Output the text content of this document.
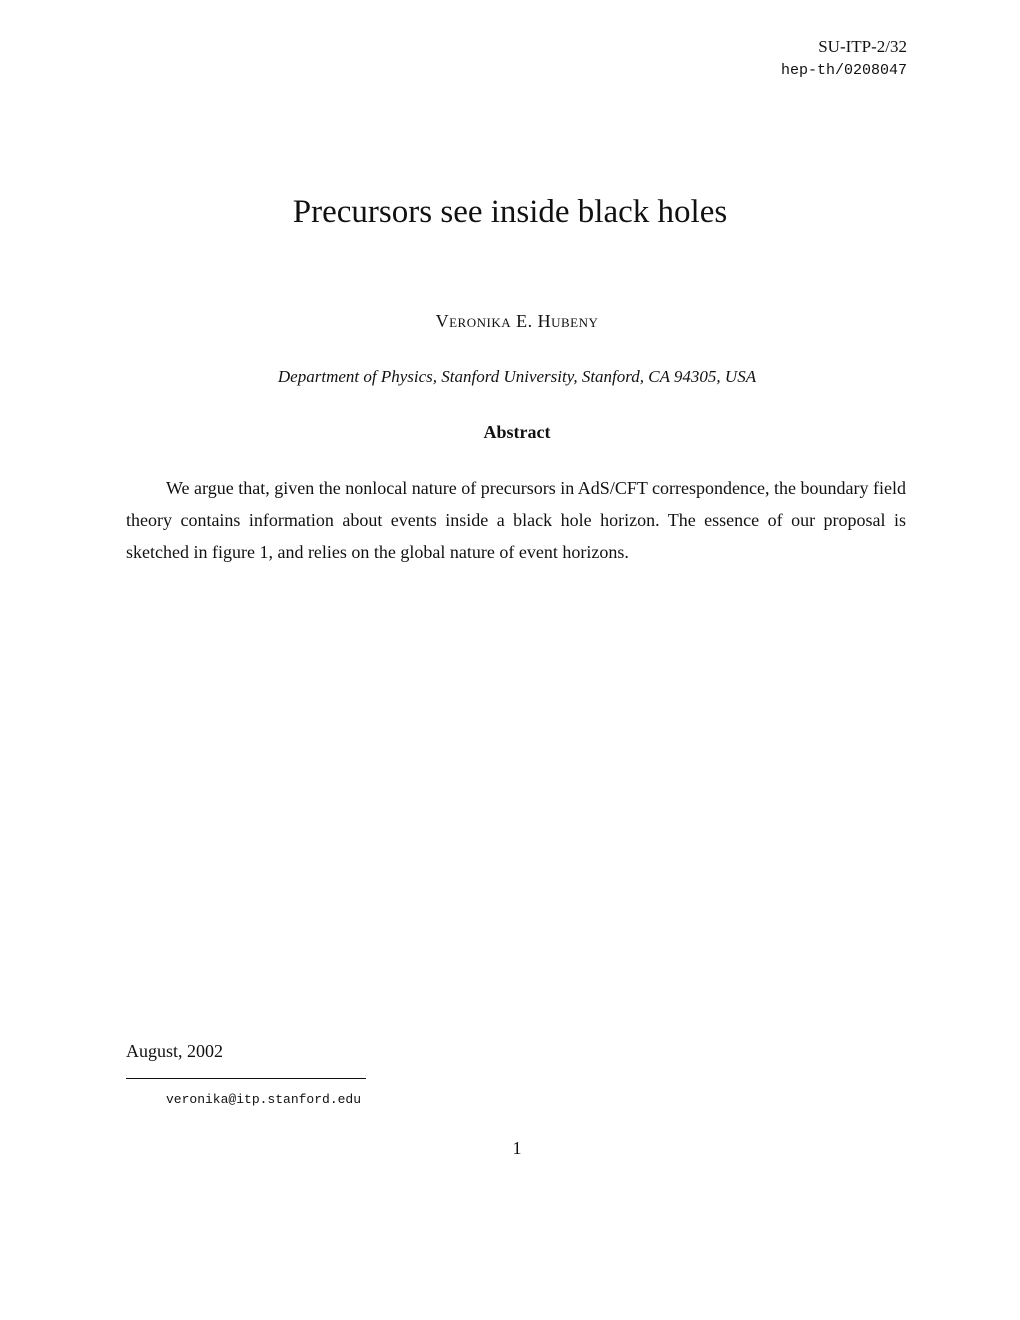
SU-ITP-2/32
hep-th/0208047
Precursors see inside black holes
Veronika E. Hubeny
Department of Physics, Stanford University, Stanford, CA 94305, USA
Abstract

We argue that, given the nonlocal nature of precursors in AdS/CFT correspondence, the boundary field theory contains information about events inside a black hole horizon. The essence of our proposal is sketched in figure 1, and relies on the global nature of event horizons.

August, 2002
veronika@itp.stanford.edu
1
